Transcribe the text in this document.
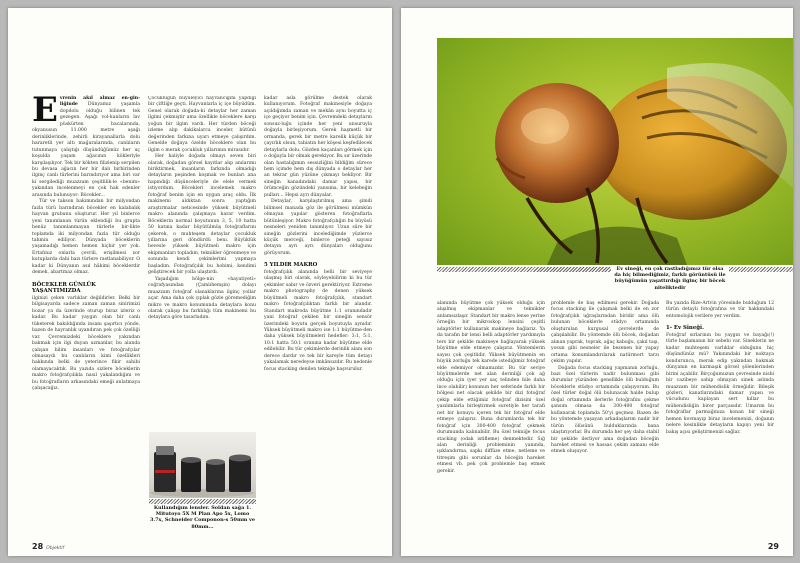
Evrenin akıl almaz en-gin-liğinde Dünyamız yaşamla dopdolu olduğu bilinen tek gezegen. Aşağı vol-kanların lav püskürten bacalarında, okyanusun 11.000 metre aşağı derinliklerinde, zehirli kirayanallarla dolu hararetli yer altı mağaralarında, canlıların tutunmaya çalıştığı düşündüğümüz her uç koşulda yaşam ağacının kökleriyle karşılaşılıyor. Tek bir kökten filizlenip serpilen bu devasa ağacın her bir dalı birbirinden ilginç canlı türlerini barındırıyor ama biri var ki sergilediği muazzam çeşitlilik-le «benim» yakından incelenmeyi en çok hak edenler arasında bulunuyor: Böcekler...

Tür ve takson bakımından bir milyondan fazla türü barındıran böcekler en kalabalık hayvan grubunu oluşturur. Her yıl binlerce yeni tanımlanan türün eklendiği bu grupta henüz tanımlanmayan türlerle bir-likte toplamda iki milyondan fazla tür olduğu tahmin ediliyor. Dünyada böceklerin yaşamadığı hemen hemen hiçbir yer yok. Ertafınız onlarla çevrili, erişilmesi zor kutuplarda dahi bazı türlere rastlanabiliyor. O kadar ki Dünyanın asıl hâkimi böceklerdir demek, abartmaz olmaz.

BÖCEKLER GÜNLÜK YAŞANTIMIZDA

ilginizi çeken varlıklar değildirler. Belki bir bilgisayarda sadece zaman zaman sinirimizi bozar ya da üzerinde oturup biraz izleriz o kadar. Bu kadar yaygın olan bir canlı tüketerek bakıldığında insanı şaşırtıcı yönde, bazen de hayranlık uyandıran pek çok özelliği var. Çevremizdeki böceklere yakından bakmak için ilgi duyan uzmanlar, bu alanda çalışan bilim insanları ve fotoğrafçılar olmasaydı bu canlıların kimi özellikleri hakkında belki de yeterince fikir sahibi olamayacaktık. Bu yazıda sizlere böceklerin makro fotoğrafçılıkla nasıl yakalandığını ve bu fotoğrafların arkasındaki emeği anlatmaya çalışacağız.

Çocukluğun büyüleyici hayvancığını yapdığı bir çiftliğe geçti. Hayvanlarla iç içe büyüdüm. Genel olarak doğada-ki detaylar her zaman ilgimi çekmiştir ama özellikle böceklere karşı yoğun bir ilgim vardı. Her türden böceği izleme alıp dakikalarca inceler, bütünü değerinden farkına uyarı etmeye çalışırdım. Genelde doğaya özelde böceklere olan bu ilgim o merak çocukluk yıllarımın mirasıdır.

Her haliyle doğada olmayı seven biri olarak, doğadan görsel kayıtlar alıp anılarımı biriktirmek, insanların farkında olmadığı detayların peşinden koşmak ve bunları ana hapındığı düşünceleriyle de elele vermek istiyordum. Böcekleri incelemek makro fotoğraf benim için en uygun araç oldu. İlk makinemi aldıktan sonra yaptığım araştırmalar neticesinde yüksek büyütmeli makro alanında çalışmaya karar verdim. Böceklerin normal boyutunun 3, 5, 10 hatta 50 katına kadar büyütülmüş fotoğraflarını çekerek, o muhteşem detaylar çocukluk yıllarına geri döndürdü beni. Büyüklük hevesle yüksek büyütmeli makro için ekipmanları topladım, teknikler öğrenmeye ve sonunda kendi çekimlerimi yapmaya başladım. Fotoğrafçılık bu hobimi, kendimi geliştirecek bir yolla ulaştırdı.

Yaşadığım bölge-nin «hayatiyeti» coğrafyasından (Çamlıhemşin) dolayı muazzam fotoğraf olanaklarına ilginç yollar açar. Ama daha çok çıplak gözle göremediğim mikro ve makro konumunda detaylara konu olarak çalışıp bu farklılığı tüm makinemi bu detaylara göre tasarladım.

Kullandığım lensler. Soldan sağa 1. Mitutoyo 5X M Plan Apo 5x, Lomo 3.7x, Schneider Componon-s 50mm ve 80mm...

kadar asla görülme destek olarak kullanıyorum. Fotoğraf makinesiyle doğaya açıldığımda zaman ve mekân aynı boyutta iç içe geçiyor benim için. Çevremdeki detayların sonsuz-luğu içinde her yeni unsuruyla doğayla birleşiyorum. Gerek haşmetli bir ormanda, gerek bir metre karelik küçük bir çayırlık olsun, tabiatın her köşesi keşfedilecek detaylarla dolu. Gözden kaçanları görmek için o doğayla bir olmak gerekiyor. Bu sır üzerinde olan hastalığımın sessizliğini bildiğim sürece hem içimde hem dış dünyada o detaylar her an tekrar gün yüzüne çıkmayı bekliyor. Bir sineğin kanadındaki damar yapısı, bir örümceğin gözündeki yansıma, bir kelebeğin pulları... Hepsi ayrı dünyalar.

Detaylar, karşılaştırılmış ama şimdi bilimsel manada göz ile görülmesi mümkün olmayan yapılar gösteren fotoğraflarla bütünleşiyor. Makro fotoğrafçılığın bu büyüsü nesneleri yeniden tanımlıyor. Uzun süre bir sineğin gözlerini incelediğimde yüzlerce küçük merceği, binlerce peteği sayısız detayın ayrı ayrı dünyaları olduğunu görüyorum.

5 YILDIR MAKRO

fotoğrafçılık alanında belli bir seviyeye ulaşmış biri olarak, söyleyebilirim ki bu tür çekimler sabır ve özveri gerektiriyor. Extreme makro photography de denen yüksek büyütmeli makro fotoğrafçılık, standart makro fotoğrafçılıktan farklı bir alandır. Standart makroda büyütme 1:1 oranındadır yani fotoğraf çekilen bir sineğin sensör üzerindeki boyutu gerçek boyutuyla aynıdır. Yüksek büyütmeli makro ise 1:1 büyütme-den daha yüksek büyütmeleri hedefler: 3:1, 5:1, 10:1 hatta 50:1 oranına kadar büyütme elde edilebilir. Bu tür çekimlerde derinlik alanı son derece dardır ve tek bir kareyle tüm detayı yakalamak neredeyse imkânsızdır. Bu nedenle focus stacking denilen tekniğe başvurulur.

28 Objektif
Ev sineği, en çok rastladığımız tür olsa da hiç bilmediğimiz, farklı görüntüsü ile büyüğümün yaşattırdığı ilginç bir böcek niteliktedir

alanında büyütme çok yüksek olduğu için alışılmış ekipmanlar ve teknikler anlamsızlaşır. Standart bir makro lense yerine örneğin bir mikroskop lensini çeşitli adaptörler kullanarak makineye bağlarız. Ya da tarafın bir lensi belli adaptörler yardımıyla ters bir şekilde makineye bağlayarak yüksek büyütme elde etmeye çalışırız. Yöntemlerin sayısı çok çeşitlidir. Yüksek büyütmenin en büyük zorluğu tek karede istediğimiz fotoğraf elde edemiyor olmamızdır. Bu tür seviye büyütmelerde net alan derinliği çok ağ olduğu için (yer yer saç telinden bile daha ince olabilir) konunun her seferinde farklı bir bölgesi net olacak şekilde bir dizi fotoğraf çekip elde ettiğimiz fotoğraf dizisini özel yazılımlarla birleştirmek suretiyle her tarafı net bir konuyu içeren tek bir fotoğraf elde etmeye çalışırız. Buna durumlarda tek bir fotoğraf için 300-400 fotoğraf çekmek durumunda kalınabilir. Bu özel tekniğe focus stacking (odak istifleme) denmektedir. Sığ alan derinliği probleminin yanında, ışıklandırma, sapkı diffüze etme, netleme ve titreşim gibi sorunlar da böceğin hareket etmesi vb. pek çok problemle baş etmek gerekir.

problemle de baş edilmesi gerekir. Doğada focus stacking ile çalışmak belki de en zor fotoğrafçılık uğraşlarından biridir ama ölü bulunan böceklerle stüdyo ortamında oluşturulan kurgusal çevrelerde de çalışılabilir. Bu yöntemde ölü böcek, doğadan alınan yaprak, toprak, ağaç kabuğu, çakıl taşı, yosun gibi nesneler ile bezenen bir yapay ortama konumlandırılarak natürmort tarzı çekim yapılır.

Doğada focus stacking yapmanın zorluğu, bazı özel türlerin nadir bulunması gibi durumlar yüzünden genellikle ölü bulduğum böceklerle stüdyo ortamında çalışıyorum. Bu özel türler doğal ölü bulunacak halde bulup doğal ortamında ilerlerle fotoğrafını çekme şansım olmasa da 300-400 fotoğraf kullanarak toplamda 50'yi geçmez. Bazen de bu yöntemde yaşayan arkadaşlarım nadir bir türün ölüsünü bulduklarında bana ulaştırıyorlar. Bu durumda her şey daha stabil bir şekilde ilerliyor ama doğadan böceğin hareket etmesi ve hassas çekim zamanı elde etmek oluşuyor.

Bu yazıda Rize-Artvin yöresinde bulduğum 12 türün detaylı fotoğrafına ve tür hakkındaki entomolojik verilere yer verdim.

1- Ev Sineği.

Fotoğraf sırlarının bu yaygın ve bayağı(!) türle başlamanın bir sebebi var. Sineklerin ne kadar muhteşem varlıklar olduğunu hiç düşündünüz mü? Yakınındaki bir noktaya kondurunca, merak edip yakından bakmak dünyanın en karmaşık görsel şölenlerinden birini açabilir. Birçoğumuzun çevresinde nisbi bir cazibeye sahip olmayan sinek aslında muazzam bir mühendislik örneğidir. Bileşik gözleri, kanatlarındaki damar yapısı ve vücudunu kaplayan sert kıllar bu mühendisliğin birer parçasıdır. Umarım bu fotoğraflar parmağınıza konan bir sineği hemen kovmayıp biraz incelemenizi, doğanın nelere kesinlikle detayların kapıyı yeni bir bakış açısı geliştirmenizi sağlar.

29
